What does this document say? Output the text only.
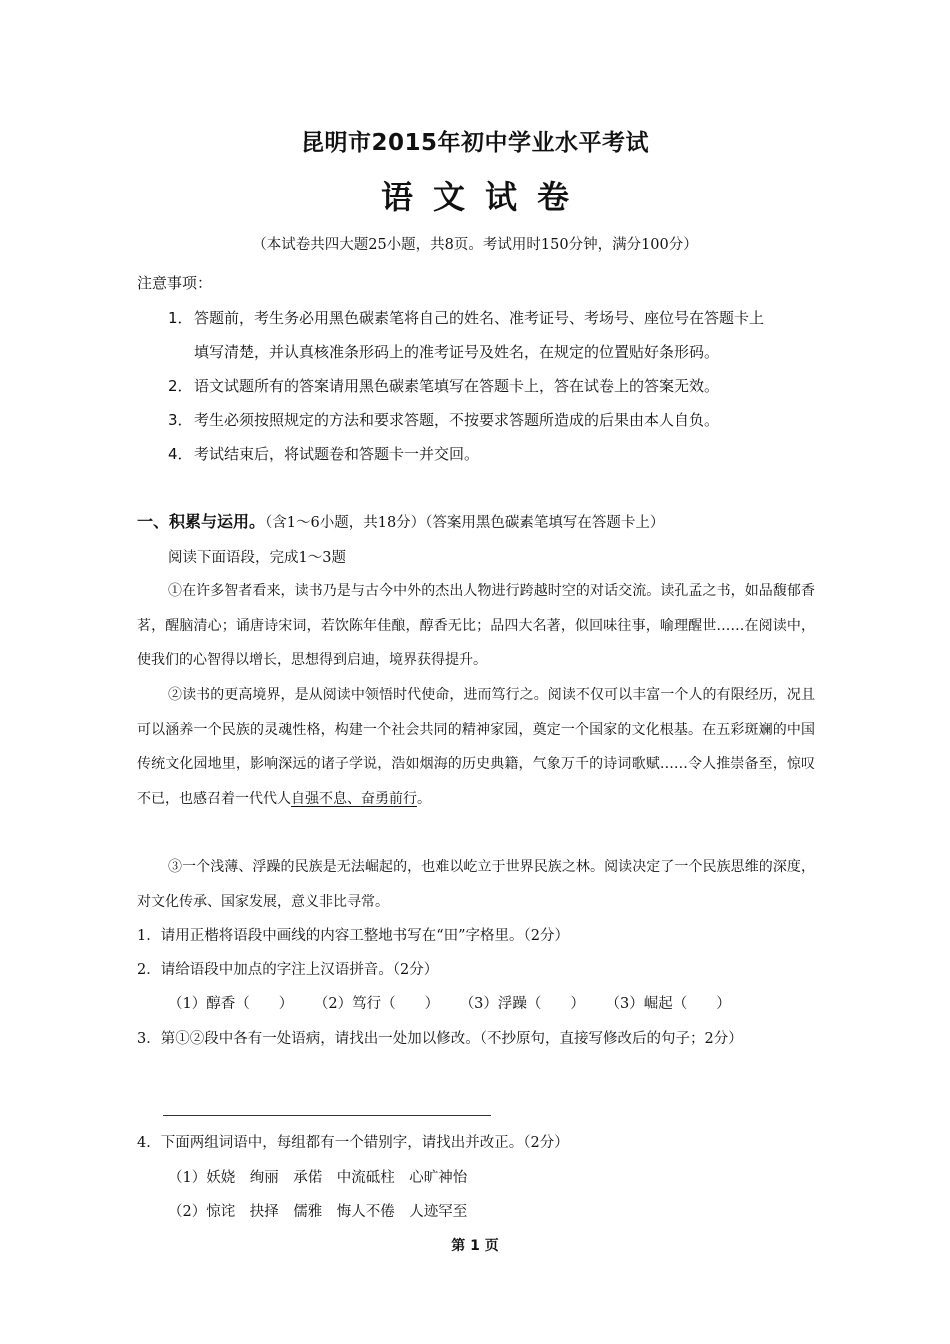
昆明市2015年初中学业水平考试
语文试卷
（本试卷共四大题25小题，共8页。考试用时150分钟，满分100分）
注意事项：
1．答题前，考生务必用黑色碳素笔将自己的姓名、准考证号、考场号、座位号在答题卡上
填写清楚，并认真核准条形码上的准考证号及姓名，在规定的位置贴好条形码。
2．语文试题所有的答案请用黑色碳素笔填写在答题卡上，答在试卷上的答案无效。
3．考生必须按照规定的方法和要求答题，不按要求答题所造成的后果由本人自负。
4．考试结束后，将试题卷和答题卡一并交回。
一、积累与运用。（含1～6小题，共18分）（答案用黑色碳素笔填写在答题卡上）
阅读下面语段，完成1～3题
①在许多智者看来，读书乃是与古今中外的杰出人物进行跨越时空的对话交流。读孔孟之书，如品馥郁香茗，醒脑清心；诵唐诗宋词，若饮陈年佳酿，醇香无比；品四大名著，似回味往事，喻理醒世……在阅读中，使我们的心智得以增长，思想得到启迪，境界获得提升。
②读书的更高境界，是从阅读中领悟时代使命，进而笃行之。阅读不仅可以丰富一个人的有限经历，况且可以涵养一个民族的灵魂性格，构建一个社会共同的精神家园，奠定一个国家的文化根基。在五彩斑斓的中国传统文化园地里，影响深远的诸子学说，浩如烟海的历史典籍，气象万千的诗词歌赋……令人推崇备至，惊叹不已，也感召着一代代人自强不息、奋勇前行。
③一个浅薄、浮躁的民族是无法崛起的，也难以屹立于世界民族之林。阅读决定了一个民族思维的深度，对文化传承、国家发展，意义非比寻常。
1．请用正楷将语段中画线的内容工整地书写在“田”字格里。（2分）
2．请给语段中加点的字注上汉语拼音。（2分）
（1）醇香（　　） （2）笃行（　　） （3）浮躁（　　） （3）崛起（　　）
3．第①②段中各有一处语病，请找出一处加以修改。（不抄原句，直接写修改后的句子；2分）
4．下面两组词语中，每组都有一个错别字，请找出并改正。（2分）
（1）妖娆　绚丽　承偌　中流砥柱　心旷神怡
（2）惊诧　抉择　儒雅　悔人不倦　人迹罕至
第 1 页
